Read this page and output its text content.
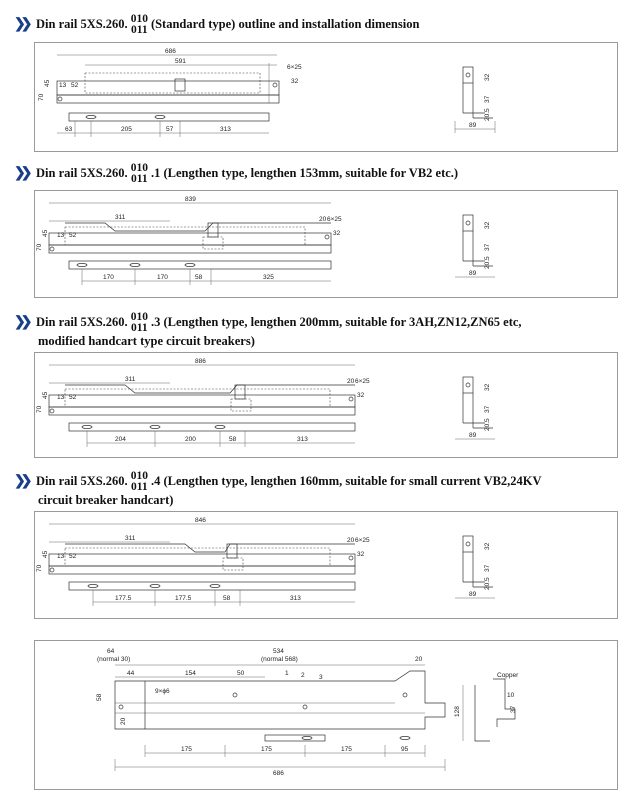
❯❯ Din rail 5XS.260. 010
011 (Standard type) outline and installation dimension
686
591
6×25
32
13 52
70
45
63	205	57	313
89
32
37
20.5
❯❯ Din rail 5XS.260. 010
011 .1 (Lengthen type, lengthen 153mm, suitable for VB2 etc.)
839
311	20 6×25
32
13 52
70
45
170	170	58	325
89
32
37
20.5
❯❯ Din rail 5XS.260. 010
011 .3 (Lengthen type, lengthen 200mm, suitable for 3AH,ZN12,ZN65 etc,
modified handcart type circuit breakers)
886
311	20 6×25
32
13 52
70
45
204	200	58	313
89
32
37
20.5
❯❯ Din rail 5XS.260. 010
011 .4 (Lengthen type, lengthen 160mm, suitable for small current VB2,24KV
circuit breaker handcart)
846
311	20 6×25
32
13 52
70
45
177.5	177.5	58	313
89
32
37
20.5
64
(normal 30)
534
(normal 568)	20
44	154	50	1 2 3
9×ϕ6
58
20
175	175	175	95
686
128
Copper
10
37
